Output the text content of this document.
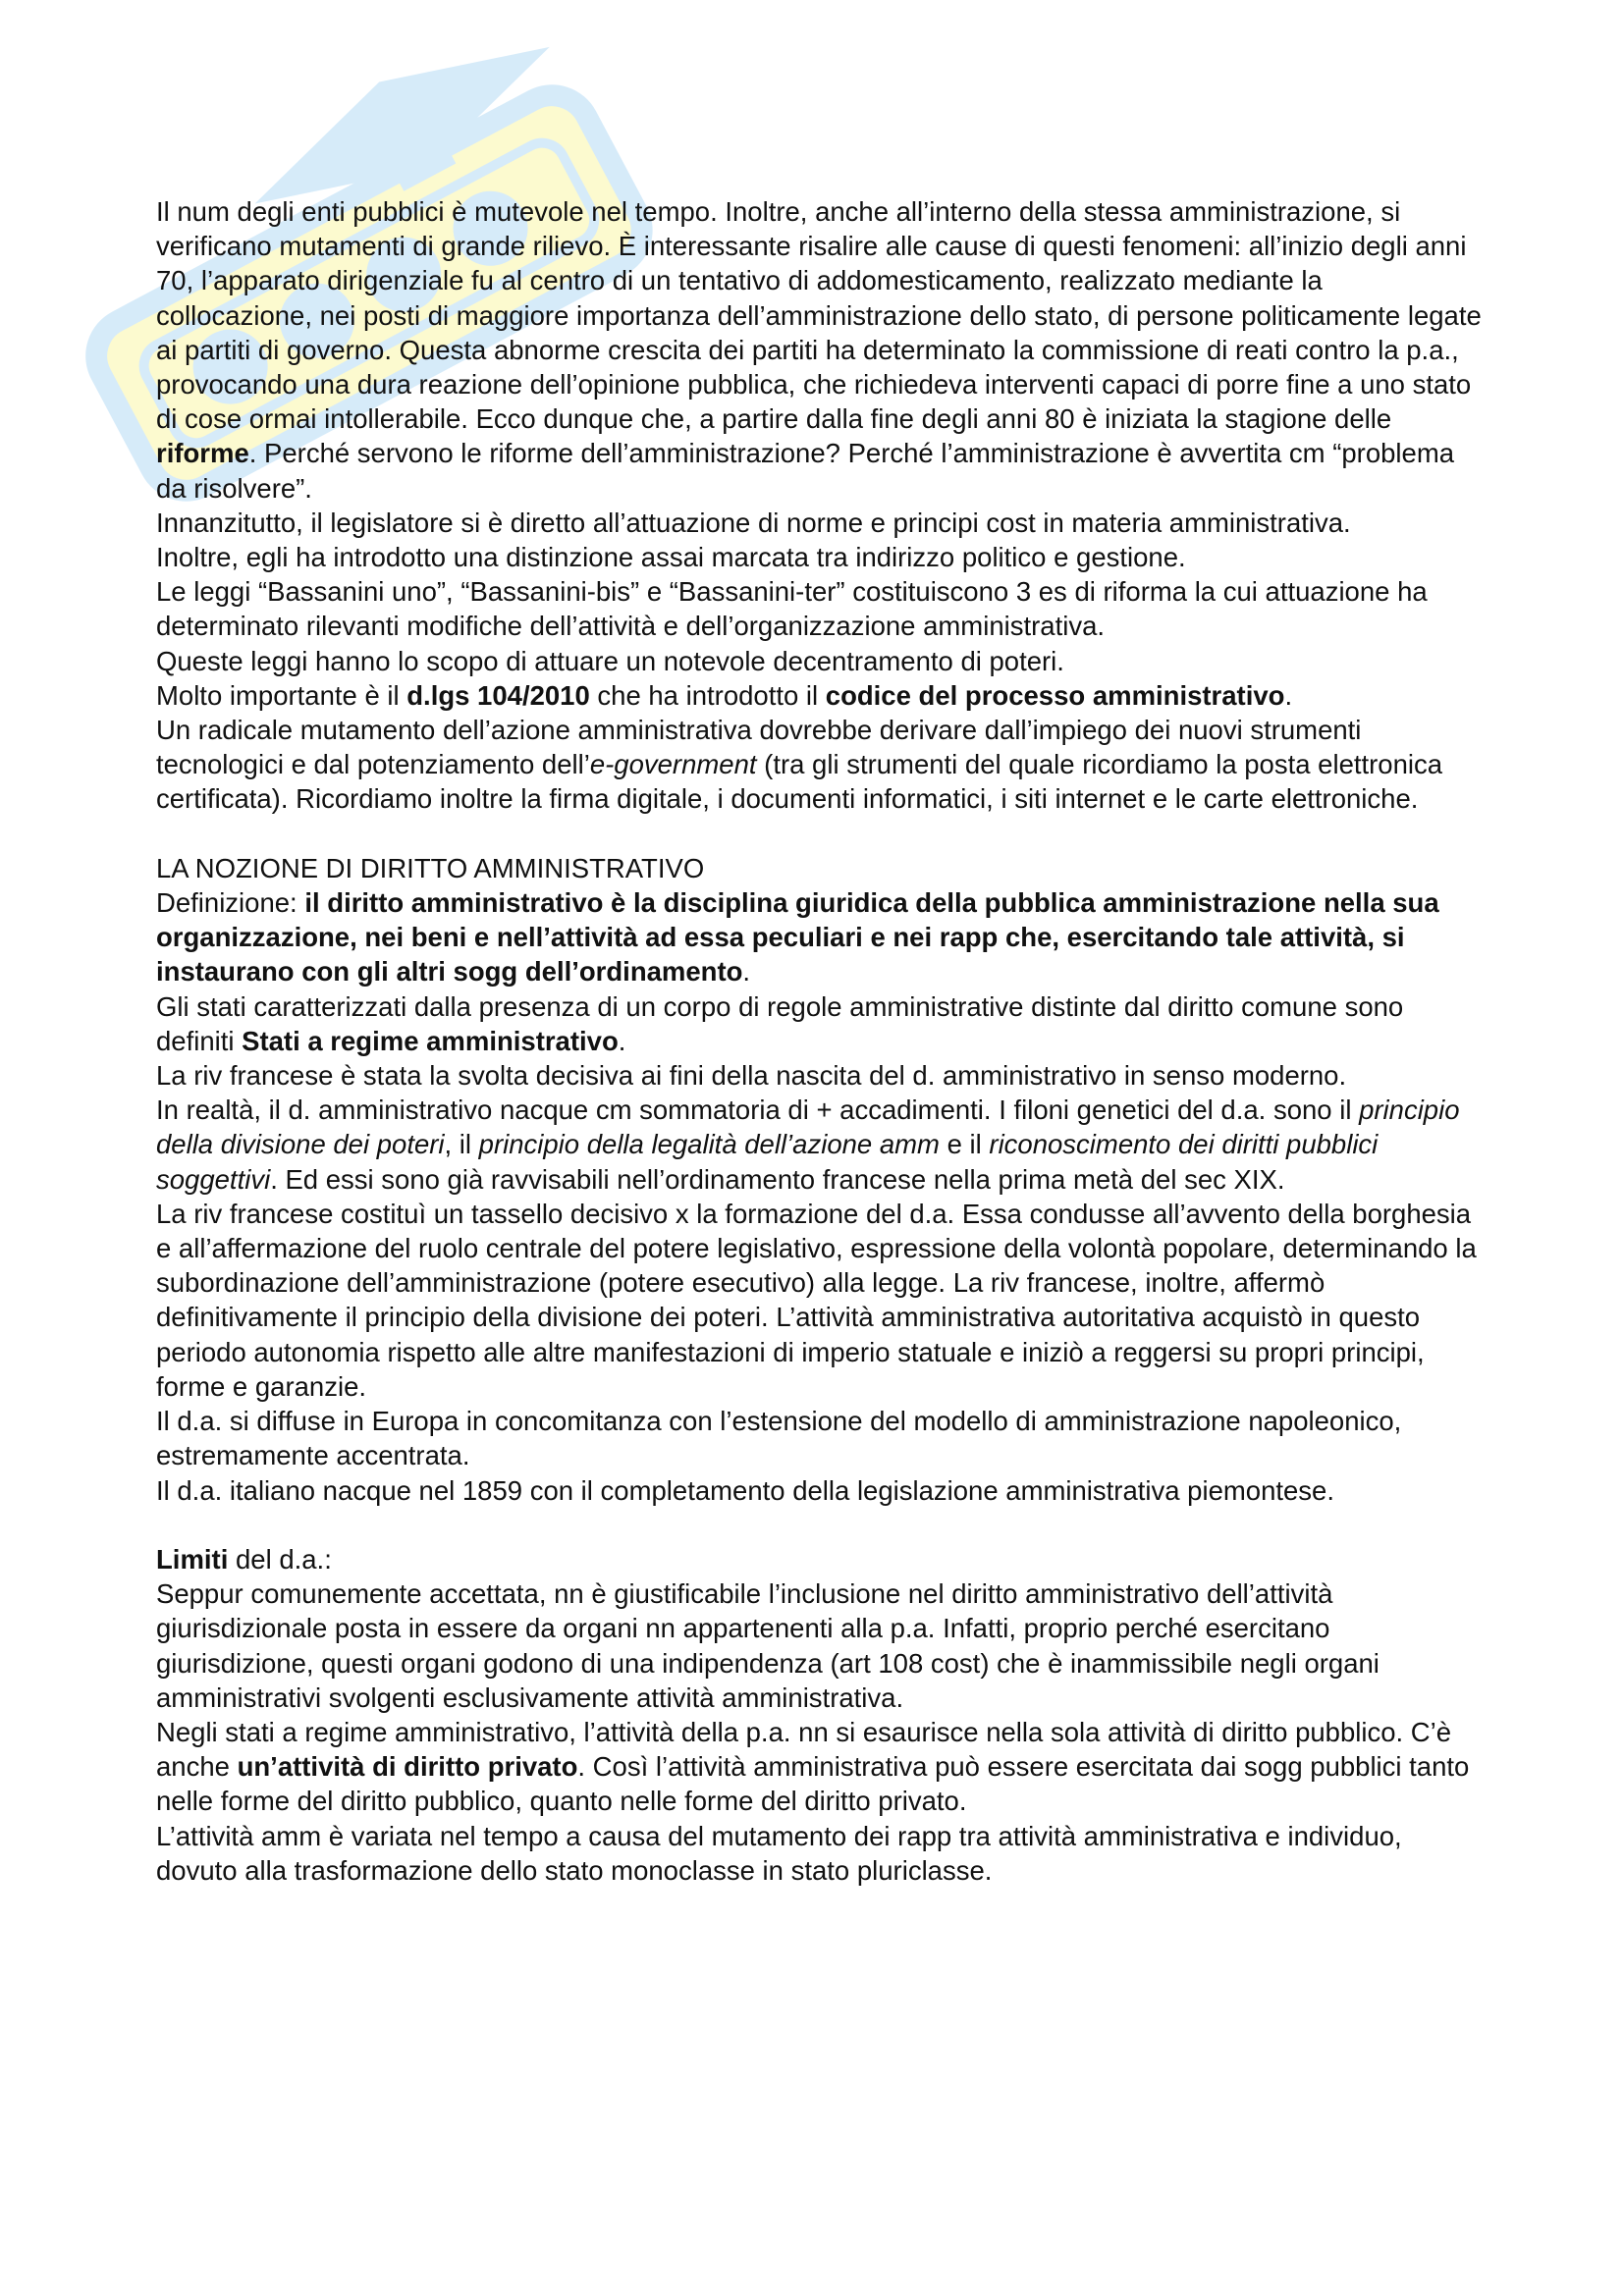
Il num degli enti pubblici è mutevole nel tempo. Inoltre, anche all’interno della stessa amministrazione, si verificano mutamenti di grande rilievo. È interessante risalire alle cause di questi fenomeni: all’inizio degli anni 70, l’apparato dirigenziale fu al centro di un tentativo di addomesticamento, realizzato mediante la collocazione, nei posti di maggiore importanza dell’amministrazione dello stato, di persone politicamente legate ai partiti di governo. Questa abnorme crescita dei partiti ha determinato la commissione di reati contro la p.a., provocando una dura reazione dell’opinione pubblica, che richiedeva interventi capaci di porre fine a uno stato di cose ormai intollerabile. Ecco dunque che, a partire dalla fine degli anni 80 è iniziata la stagione delle riforme. Perché servono le riforme dell’amministrazione? Perché l’amministrazione è avvertita cm “problema da risolvere”.

Innanzitutto, il legislatore si è diretto all’attuazione di norme e principi cost in materia amministrativa.

Inoltre, egli ha introdotto una distinzione assai marcata tra indirizzo politico e gestione.

Le leggi “Bassanini uno”, “Bassanini-bis” e “Bassanini-ter” costituiscono 3 es di riforma la cui attuazione ha determinato rilevanti modifiche dell’attività e dell’organizzazione amministrativa.

Queste leggi hanno lo scopo di attuare un notevole decentramento di poteri.

Molto importante è il d.lgs 104/2010 che ha introdotto il codice del processo amministrativo.

Un radicale mutamento dell’azione amministrativa dovrebbe derivare dall’impiego dei nuovi strumenti tecnologici e dal potenziamento dell’e-government (tra gli strumenti del quale ricordiamo la posta elettronica certificata). Ricordiamo inoltre la firma digitale, i documenti informatici, i siti internet e le carte elettroniche.

LA NOZIONE DI DIRITTO AMMINISTRATIVO

Definizione: il diritto amministrativo è la disciplina giuridica della pubblica amministrazione nella sua organizzazione, nei beni e nell’attività ad essa peculiari e nei rapp che, esercitando tale attività, si instaurano con gli altri sogg dell’ordinamento.

Gli stati caratterizzati dalla presenza di un corpo di regole amministrative distinte dal diritto comune sono definiti Stati a regime amministrativo.

La riv francese è stata la svolta decisiva ai fini della nascita del d. amministrativo in senso moderno.

In realtà, il d. amministrativo nacque cm sommatoria di + accadimenti. I filoni genetici del d.a. sono il principio della divisione dei poteri, il principio della legalità dell’azione amm e il riconoscimento dei diritti pubblici soggettivi. Ed essi sono già ravvisabili nell’ordinamento francese nella prima metà del sec XIX.

La riv francese costituì un tassello decisivo x la formazione del d.a. Essa condusse all’avvento della borghesia e all’affermazione del ruolo centrale del potere legislativo, espressione della volontà popolare, determinando la subordinazione dell’amministrazione (potere esecutivo) alla legge. La riv francese, inoltre, affermò definitivamente il principio della divisione dei poteri. L’attività amministrativa autoritativa acquistò in questo periodo autonomia rispetto alle altre manifestazioni di imperio statuale e iniziò a reggersi su propri principi, forme e garanzie.

Il d.a. si diffuse in Europa in concomitanza con l’estensione del modello di amministrazione napoleonico, estremamente accentrata.

Il d.a. italiano nacque nel 1859 con il completamento della legislazione amministrativa piemontese.

Limiti del d.a.:

Seppur comunemente accettata, nn è giustificabile l’inclusione nel diritto amministrativo dell’attività giurisdizionale posta in essere da organi nn appartenenti alla p.a. Infatti, proprio perché esercitano giurisdizione, questi organi godono di una indipendenza (art 108 cost) che è inammissibile negli organi amministrativi svolgenti esclusivamente attività amministrativa.

Negli stati a regime amministrativo, l’attività della p.a. nn si esaurisce nella sola attività di diritto pubblico. C’è anche un’attività di diritto privato. Così l’attività amministrativa può essere esercitata dai sogg pubblici tanto nelle forme del diritto pubblico, quanto nelle forme del diritto privato.

L’attività amm è variata nel tempo a causa del mutamento dei rapp tra attività amministrativa e individuo, dovuto alla trasformazione dello stato monoclasse in stato pluriclasse.
